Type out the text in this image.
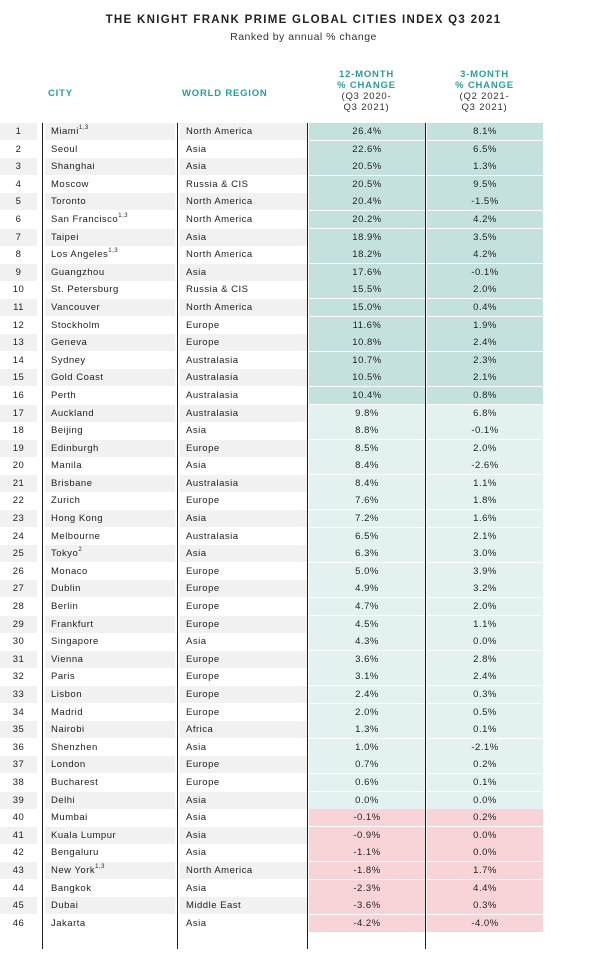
THE KNIGHT FRANK PRIME GLOBAL CITIES INDEX Q3 2021
Ranked by annual % change
CITY	WORLD REGION
12-MONTH
% CHANGE
(Q3 2020-
Q3 2021)
3-MONTH
% CHANGE
(Q2 2021-
Q3 2021)
1	Miami$^{1,3}$	North America	26.4%	8.1%
2	Seoul	Asia	22.6%	6.5%
3	Shanghai	Asia	20.5%	1.3%
4	Moscow	Russia & CIS	20.5%	9.5%
5	Toronto	North America	20.4%	-1.5%
6	San Francisco$^{1,3}$	North America	20.2%	4.2%
7	Taipei	Asia	18.9%	3.5%
8	Los Angeles$^{1,3}$	North America	18.2%	4.2%
9	Guangzhou	Asia	17.6%	-0.1%
10	St. Petersburg	Russia & CIS	15.5%	2.0%
11	Vancouver	North America	15.0%	0.4%
12	Stockholm	Europe	11.6%	1.9%
13	Geneva	Europe	10.8%	2.4%
14	Sydney	Australasia	10.7%	2.3%
15	Gold Coast	Australasia	10.5%	2.1%
16	Perth	Australasia	10.4%	0.8%
17	Auckland	Australasia	9.8%	6.8%
18	Beijing	Asia	8.8%	-0.1%
19	Edinburgh	Europe	8.5%	2.0%
20	Manila	Asia	8.4%	-2.6%
21	Brisbane	Australasia	8.4%	1.1%
22	Zurich	Europe	7.6%	1.8%
23	Hong Kong	Asia	7.2%	1.6%
24	Melbourne	Australasia	6.5%	2.1%
25	Tokyo$^2$	Asia	6.3%	3.0%
26	Monaco	Europe	5.0%	3.9%
27	Dublin	Europe	4.9%	3.2%
28	Berlin	Europe	4.7%	2.0%
29	Frankfurt	Europe	4.5%	1.1%
30	Singapore	Asia	4.3%	0.0%
31	Vienna	Europe	3.6%	2.8%
32	Paris	Europe	3.1%	2.4%
33	Lisbon	Europe	2.4%	0.3%
34	Madrid	Europe	2.0%	0.5%
35	Nairobi	Africa	1.3%	0.1%
36	Shenzhen	Asia	1.0%	-2.1%
37	London	Europe	0.7%	0.2%
38	Bucharest	Europe	0.6%	0.1%
39	Delhi	Asia	0.0%	0.0%
40	Mumbai	Asia	-0.1%	0.2%
41	Kuala Lumpur	Asia	-0.9%	0.0%
42	Bengaluru	Asia	-1.1%	0.0%
43	New York$^{1,3}$	North America	-1.8%	1.7%
44	Bangkok	Asia	-2.3%	4.4%
45	Dubai	Middle East	-3.6%	0.3%
46	Jakarta	Asia	-4.2%	-4.0%
